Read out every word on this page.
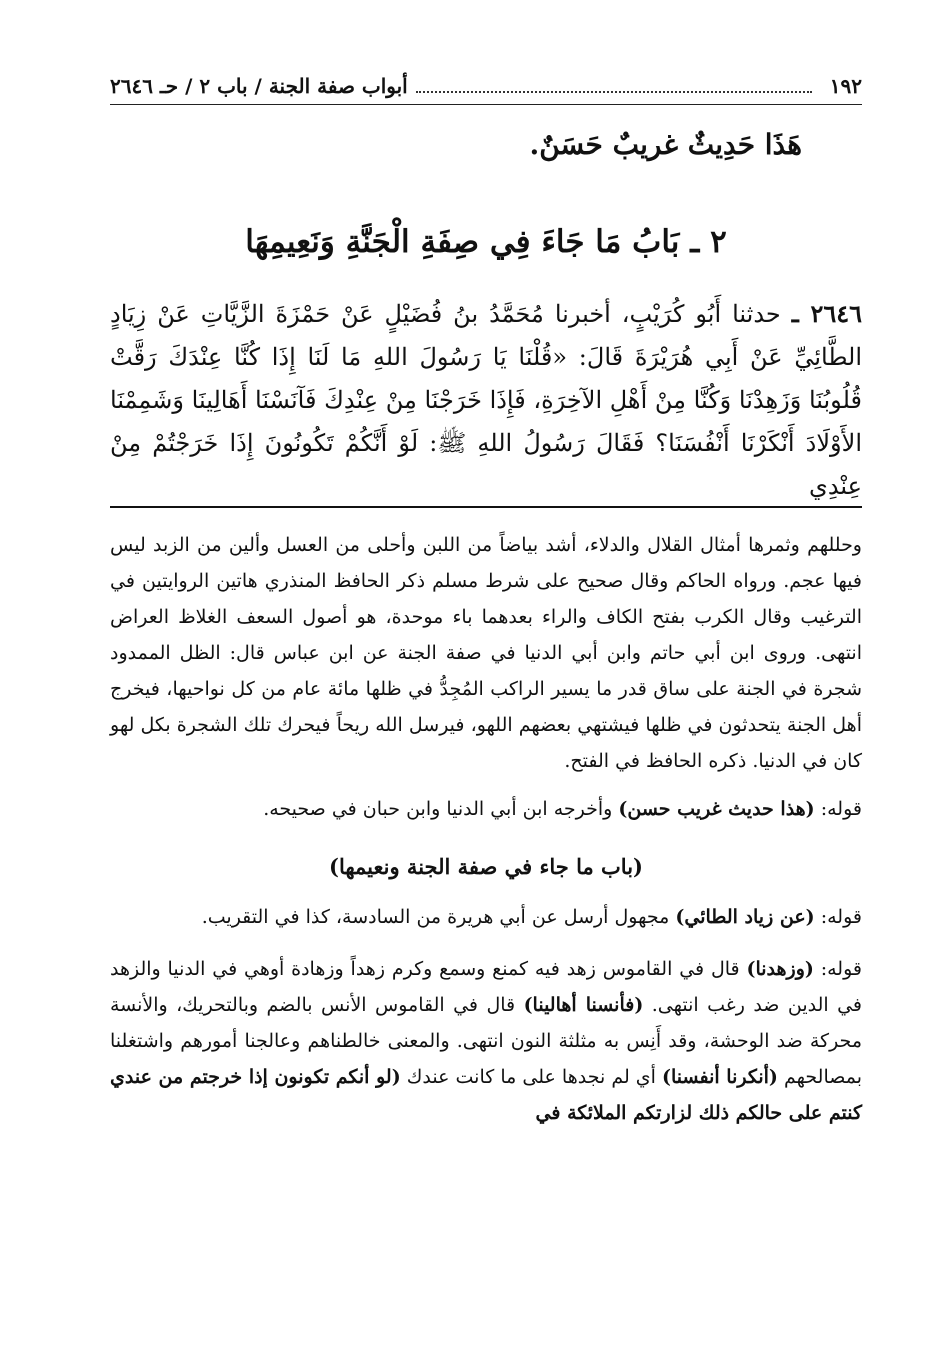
١٩٢
أبواب صفة الجنة / باب ٢ / حـ ٢٦٤٦
هَذَا حَدِيثٌ غريبٌ حَسَنٌ.
٢ ـ بَابُ مَا جَاءَ فِي صِفَةِ الْجَنَّةِ وَنَعِيمِهَا

٢٦٤٦ ـ حدثنا أَبُو كُرَيْبٍ، أخبرنا مُحَمَّدُ بنُ فُضَيْلٍ عَنْ حَمْزَةَ الزَّيَّاتِ عَنْ زِيَادٍ الطَّائِيِّ عَنْ أَبِي هُرَيْرَةَ قَالَ: «قُلْنَا يَا رَسُولَ اللهِ مَا لَنَا إِذَا كُنَّا عِنْدَكَ رَقَّتْ قُلُوبُنَا وَزَهِدْنَا وَكُنَّا مِنْ أَهْلِ الآخِرَةِ، فَإِذَا خَرَجْنَا مِنْ عِنْدِكَ فَآنَسْنَا أَهَالِينَا وَشَمِمْنَا الأَوْلَادَ أَنْكَرْنَا أَنْفُسَنَا؟ فَقَالَ رَسُولُ اللهِ ﷺ: لَوْ أَنَّكُمْ تَكُونُونَ إِذَا خَرَجْتُمْ مِنْ عِنْدِي

وحللهم وثمرها أمثال القلال والدلاء، أشد بياضاً من اللبن وأحلى من العسل وألين من الزبد ليس فيها عجم. ورواه الحاكم وقال صحيح على شرط مسلم ذكر الحافظ المنذري هاتين الروايتين في الترغيب وقال الكرب بفتح الكاف والراء بعدهما باء موحدة، هو أصول السعف الغلاظ العراض انتهى. وروى ابن أبي حاتم وابن أبي الدنيا في صفة الجنة عن ابن عباس قال: الظل الممدود شجرة في الجنة على ساق قدر ما يسير الراكب المُجِدُّ في ظلها مائة عام من كل نواحيها، فيخرج أهل الجنة يتحدثون في ظلها فيشتهي بعضهم اللهو، فيرسل الله ريحاً فيحرك تلك الشجرة بكل لهو كان في الدنيا. ذكره الحافظ في الفتح.

قوله: (هذا حديث غريب حسن) وأخرجه ابن أبي الدنيا وابن حبان في صحيحه.

(باب ما جاء في صفة الجنة ونعيمها)

قوله: (عن زياد الطائي) مجهول أرسل عن أبي هريرة من السادسة، كذا في التقريب.

قوله: (وزهدنا) قال في القاموس زهد فيه كمنع وسمع وكرم زهداً وزهادة أوهي في الدنيا والزهد في الدين ضد رغب انتهى. (فأنسنا أهالينا) قال في القاموس الأنس بالضم وبالتحريك، والأنسة محركة ضد الوحشة، وقد أَنِس به مثلثة النون انتهى. والمعنى خالطناهم وعالجنا أمورهم واشتغلنا بمصالحهم (أنكرنا أنفسنا) أي لم نجدها على ما كانت عندك (لو أنكم تكونون إذا خرجتم من عندي كنتم على حالكم ذلك لزارتكم الملائكة في
